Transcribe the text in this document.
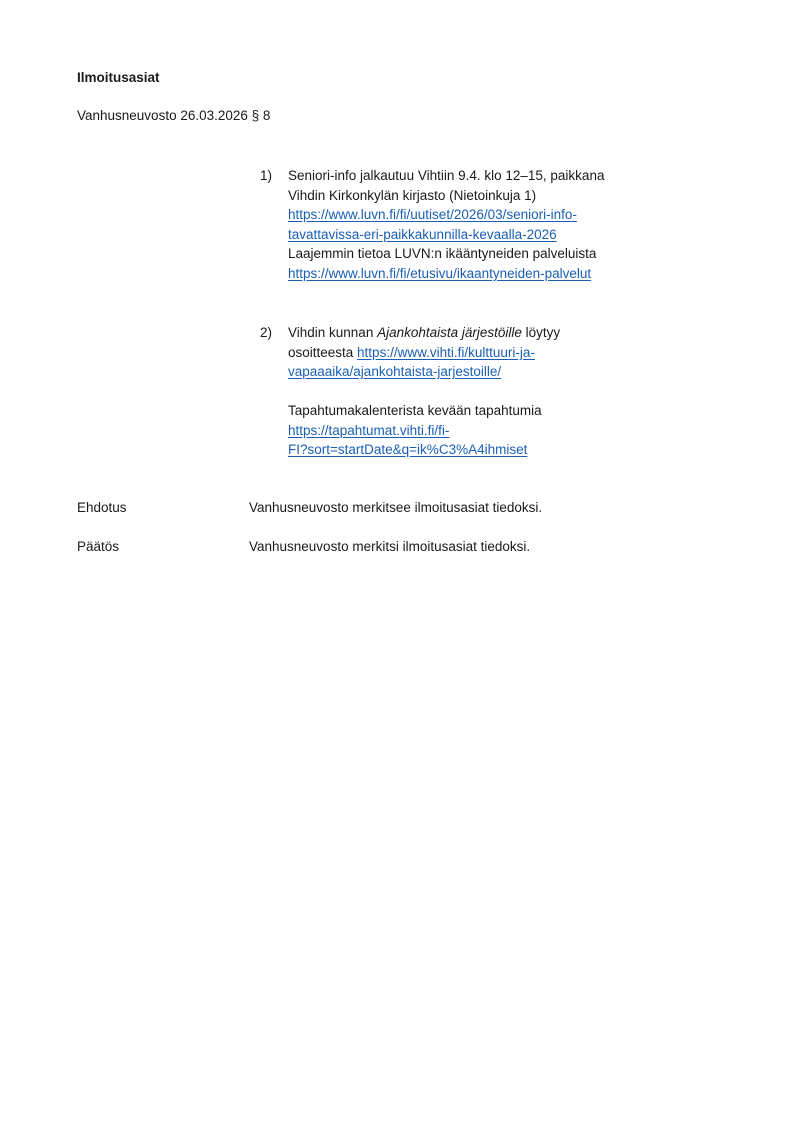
Ilmoitusasiat
Vanhusneuvosto 26.03.2026 § 8
1) Seniori-info jalkautuu Vihtiin 9.4. klo 12–15, paikkana
Vihdin Kirkonkylän kirjasto (Nietoinkuja 1)
https://www.luvn.fi/fi/uutiset/2026/03/seniori-info-
tavattavissa-eri-paikkakunnilla-kevaalla-2026
Laajemmin tietoa LUVN:n ikääntyneiden palveluista
https://www.luvn.fi/fi/etusivu/ikaantyneiden-palvelut
2) Vihdin kunnan Ajankohtaista järjestöille löytyy
osoitteesta https://www.vihti.fi/kulttuuri-ja-
vapaaaika/ajankohtaista-jarjestoille/
Tapahtumakalenterista kevään tapahtumia
https://tapahtumat.vihti.fi/fi-
FI?sort=startDate&q=ik%C3%A4ihmiset
Ehdotus	Vanhusneuvosto merkitsee ilmoitusasiat tiedoksi.
Päätös	Vanhusneuvosto merkitsi ilmoitusasiat tiedoksi.
